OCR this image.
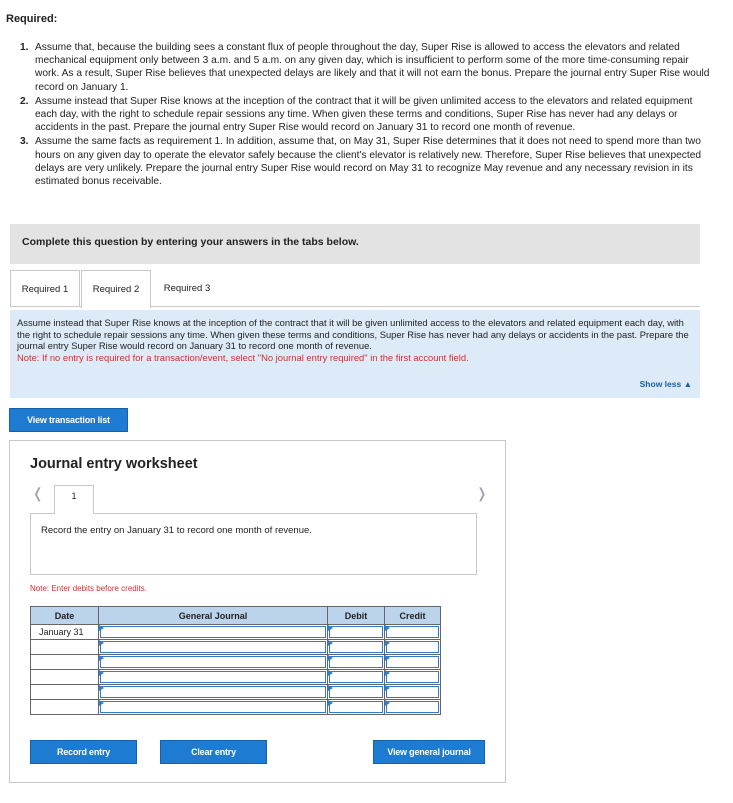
Required:
1. Assume that, because the building sees a constant flux of people throughout the day, Super Rise is allowed to access the elevators and related mechanical equipment only between 3 a.m. and 5 a.m. on any given day, which is insufficient to perform some of the more time-consuming repair work. As a result, Super Rise believes that unexpected delays are likely and that it will not earn the bonus. Prepare the journal entry Super Rise would record on January 1.
2. Assume instead that Super Rise knows at the inception of the contract that it will be given unlimited access to the elevators and related equipment each day, with the right to schedule repair sessions any time. When given these terms and conditions, Super Rise has never had any delays or accidents in the past. Prepare the journal entry Super Rise would record on January 31 to record one month of revenue.
3. Assume the same facts as requirement 1. In addition, assume that, on May 31, Super Rise determines that it does not need to spend more than two hours on any given day to operate the elevator safely because the client's elevator is relatively new. Therefore, Super Rise believes that unexpected delays are very unlikely. Prepare the journal entry Super Rise would record on May 31 to recognize May revenue and any necessary revision in its estimated bonus receivable.
Complete this question by entering your answers in the tabs below.
Required 1	Required 2	Required 3
Assume instead that Super Rise knows at the inception of the contract that it will be given unlimited access to the elevators and related equipment each day, with the right to schedule repair sessions any time. When given these terms and conditions, Super Rise has never had any delays or accidents in the past. Prepare the journal entry Super Rise would record on January 31 to record one month of revenue.
Note: If no entry is required for a transaction/event, select "No journal entry required" in the first account field.
Show less ▲
View transaction list
Journal entry worksheet
❬	1	❭
Record the entry on January 31 to record one month of revenue.
Note: Enter debits before credits.
Date	General Journal	Debit	Credit
January 31	

Record entry	Clear entry	View general journal
